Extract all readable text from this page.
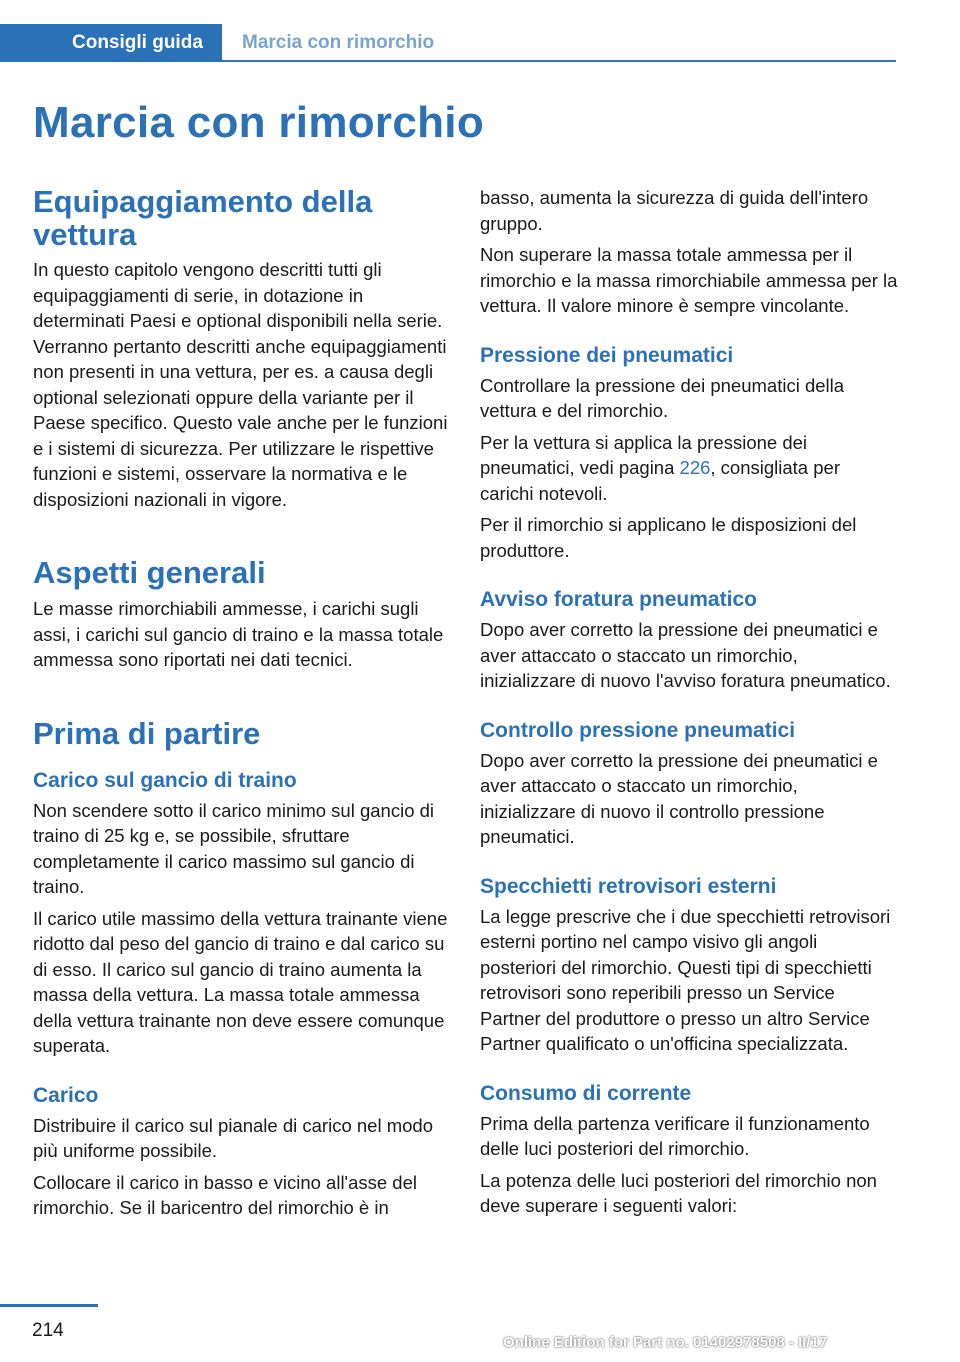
Consigli guida	Marcia con rimorchio
Marcia con rimorchio
Equipaggiamento della vettura

In questo capitolo vengono descritti tutti gli equipaggiamenti di serie, in dotazione in determinati Paesi e optional disponibili nella serie. Verranno pertanto descritti anche equipaggiamenti non presenti in una vettura, per es. a causa degli optional selezionati oppure della variante per il Paese specifico. Questo vale anche per le funzioni e i sistemi di sicurezza. Per utilizzare le rispettive funzioni e sistemi, osservare la normativa e le disposizioni nazionali in vigore.

Aspetti generali

Le masse rimorchiabili ammesse, i carichi sugli assi, i carichi sul gancio di traino e la massa totale ammessa sono riportati nei dati tecnici.

Prima di partire
Carico sul gancio di traino

Non scendere sotto il carico minimo sul gancio di traino di 25 kg e, se possibile, sfruttare completamente il carico massimo sul gancio di traino.

Il carico utile massimo della vettura trainante viene ridotto dal peso del gancio di traino e dal carico su di esso. Il carico sul gancio di traino aumenta la massa della vettura. La massa totale ammessa della vettura trainante non deve essere comunque superata.

Carico

Distribuire il carico sul pianale di carico nel modo più uniforme possibile.

Collocare il carico in basso e vicino all'asse del rimorchio. Se il baricentro del rimorchio è in

basso, aumenta la sicurezza di guida dell'intero gruppo.

Non superare la massa totale ammessa per il rimorchio e la massa rimorchiabile ammessa per la vettura. Il valore minore è sempre vincolante.

Pressione dei pneumatici

Controllare la pressione dei pneumatici della vettura e del rimorchio.

Per la vettura si applica la pressione dei pneumatici, vedi pagina 226, consigliata per carichi notevoli.

Per il rimorchio si applicano le disposizioni del produttore.

Avviso foratura pneumatico

Dopo aver corretto la pressione dei pneumatici e aver attaccato o staccato un rimorchio, inizializzare di nuovo l'avviso foratura pneumatico.

Controllo pressione pneumatici

Dopo aver corretto la pressione dei pneumatici e aver attaccato o staccato un rimorchio, inizializzare di nuovo il controllo pressione pneumatici.

Specchietti retrovisori esterni

La legge prescrive che i due specchietti retrovisori esterni portino nel campo visivo gli angoli posteriori del rimorchio. Questi tipi di specchietti retrovisori sono reperibili presso un Service Partner del produttore o presso un altro Service Partner qualificato o un'officina specializzata.

Consumo di corrente

Prima della partenza verificare il funzionamento delle luci posteriori del rimorchio.

La potenza delle luci posteriori del rimorchio non deve superare i seguenti valori:

214
Online Edition for Part no. 01402978508 - II/17
